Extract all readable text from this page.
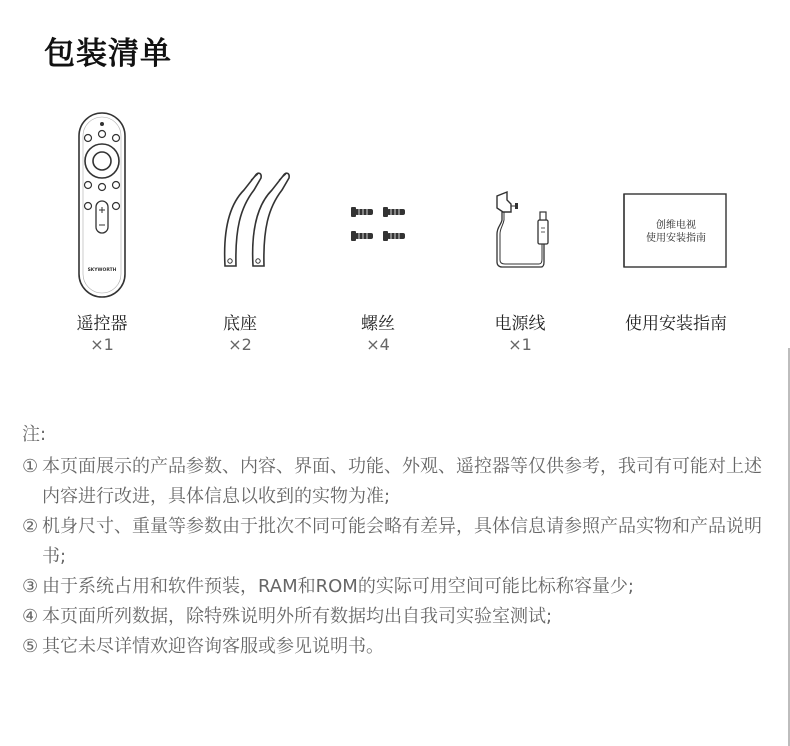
包装清单
SKYWORTH
遥控器
×1
底座
×2
螺丝
×4
电源线
×1
创维电视
使用安装指南
使用安装指南
注:
① 本页面展示的产品参数、内容、界面、功能、外观、遥控器等仅供参考，我司有可能对上述内容进行改进，具体信息以收到的实物为准;
② 机身尺寸、重量等参数由于批次不同可能会略有差异，具体信息请参照产品实物和产品说明书;
③ 由于系统占用和软件预装，RAM和ROM的实际可用空间可能比标称容量少;
④ 本页面所列数据，除特殊说明外所有数据均出自我司实验室测试;
⑤ 其它未尽详情欢迎咨询客服或参见说明书。
